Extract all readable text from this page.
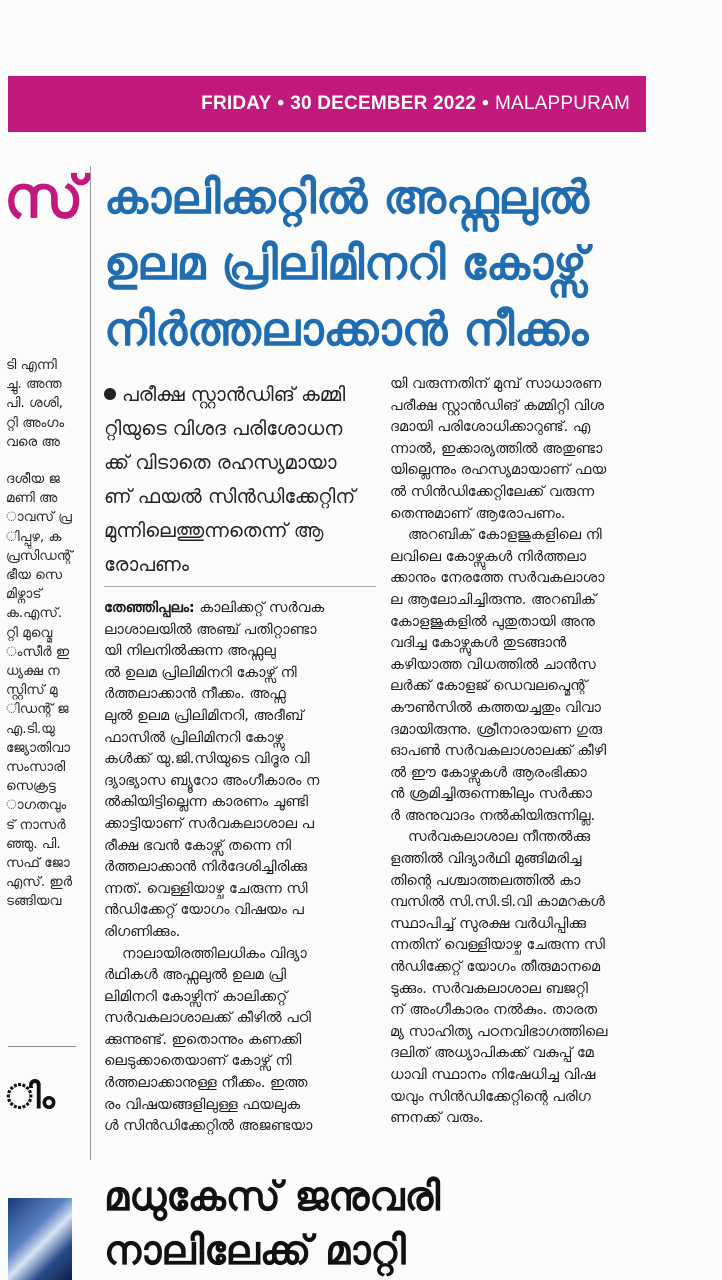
FRIDAY • 30 DECEMBER 2022 • MALAPPURAM
സ്
ടി എന്നി
ച്ചു. അന്ത
പി. ശശി,
റ്റി അംഗം
വരെ അ
ദശീയ ജ
മണി അ
ാവസ് പ്ര
ിപ്പുഴ, ക
പ്രസിഡന്റ്
ഭീയ സെ
മിഴ്നാട്
ക.എസ്.
റ്റി മുവ്മെ
ംസീർ ഇ
ധ്യക്ഷ ന
സ്റ്റിസ് മു
ിഡന്റ് ജ
എ.ടി.യു
ജ്യോതിവാ
സംസാരി
സെക്രട്ട
ാഗതവും
ട് നാസർ
ഞ്ഞു. പി.
സഫ് ജോ
എസ്. ഇർ
ടങ്ങിയവ
ിം
കാലിക്കറ്റിൽ അഫ്സലുൽ
ഉലമ പ്രിലിമിനറി കോഴ്സ്
നിർത്തലാക്കാൻ നീക്കം
പരീക്ഷ സ്റ്റാൻഡിങ് കമ്മി
റ്റിയുടെ വിശദ പരിശോധന
ക്ക് വിടാതെ രഹസ്യമായാ
ണ് ഫയൽ സിൻഡിക്കേറ്റിന്
മുന്നിലെത്തുന്നതെന്ന് ആ
രോപണം
തേഞ്ഞിപ്പലം: കാലിക്കറ്റ് സർവക
ലാശാലയിൽ അഞ്ച് പതിറ്റാണ്ടാ
യി നിലനിൽക്കുന്ന അഫ്സലു
ൽ ഉലമ പ്രിലിമിനറി കോഴ്സ് നി
ർത്തലാക്കാൻ നീക്കം. അഫ്സ
ലുൽ ഉലമ പ്രിലിമിനറി, അദീബ്
ഫാസിൽ പ്രിലിമിനറി കോഴ്സു
കൾക്ക് യു.ജി.സിയുടെ വിദൂര വി
ദ്യാഭ്യാസ ബ്യൂറോ അംഗീകാരം ന
ൽകിയിട്ടില്ലെന്ന കാരണം ചൂണ്ടി
ക്കാട്ടിയാണ് സർവകലാശാല പ
രീക്ഷ ഭവൻ കോഴ്സ് തന്നെ നി
ർത്തലാക്കാൻ നിർദേശിച്ചിരിക്കു
ന്നത്. വെള്ളിയാഴ്ച ചേരുന്ന സി
ൻഡിക്കേറ്റ് യോഗം വിഷയം പ
രിഗണിക്കും.
നാലായിരത്തിലധികം വിദ്യാ
ർഥികൾ അഫ്സലുൽ ഉലമ പ്രി
ലിമിനറി കോഴ്സിന് കാലിക്കറ്റ്
സർവകലാശാലക്ക് കീഴിൽ പഠി
ക്കുന്നുണ്ട്. ഇതൊന്നും കണക്കി
ലെടുക്കാതെയാണ് കോഴ്സ് നി
ർത്തലാക്കാനുള്ള നീക്കം. ഇത്ത
രം വിഷയങ്ങളിലുള്ള ഫയലുക
ൾ സിൻഡിക്കേറ്റിൽ അജണ്ടയാ
യി വരുന്നതിന് മുമ്പ് സാധാരണ
പരീക്ഷ സ്റ്റാൻഡിങ് കമ്മിറ്റി വിശ
ദമായി പരിശോധിക്കാറുണ്ട്. എ
ന്നാൽ, ഇക്കാര്യത്തിൽ അതുണ്ടാ
യില്ലെന്നും രഹസ്യമായാണ് ഫയ
ൽ സിൻഡിക്കേറ്റിലേക്ക് വരുന്ന
തെന്നുമാണ് ആരോപണം.
അറബിക് കോളജുകളിലെ നി
ലവിലെ കോഴ്സുകൾ നിർത്തലാ
ക്കാനും നേരത്തേ സർവകലാശാ
ല ആലോചിച്ചിരുന്നു. അറബിക്
കോളജുകളിൽ പുതുതായി അനു
വദിച്ച കോഴ്സുകൾ തുടങ്ങാൻ
കഴിയാത്ത വിധത്തിൽ ചാൻസ
ലർക്ക് കോളജ് ഡെവലപ്മെന്റ്
കൗൺസിൽ കത്തയച്ചതും വിവാ
ദമായിരുന്നു. ശ്രീനാരായണ ഗുരു
ഓപൺ സർവകലാശാലക്ക് കീഴി
ൽ ഈ കോഴ്സുകൾ ആരംഭിക്കാ
ൻ ശ്രമിച്ചിരുന്നെങ്കിലും സർക്കാ
ർ അനുവാദം നൽകിയിരുന്നില്ല.
സർവകലാശാല നീന്തൽക്കു
ളത്തിൽ വിദ്യാർഥി മുങ്ങിമരിച്ച
തിന്റെ പശ്ചാത്തലത്തിൽ കാ
മ്പസിൽ സി.സി.ടി.വി കാമറകൾ
സ്ഥാപിച്ച് സുരക്ഷ വർധിപ്പിക്കു
ന്നതിന് വെള്ളിയാഴ്ച ചേരുന്ന സി
ൻഡിക്കേറ്റ് യോഗം തീരുമാനമെ
ടുക്കും. സർവകലാശാല ബജറ്റി
ന് അംഗീകാരം നൽകും. താരത
മ്യ സാഹിത്യ പഠനവിഭാഗത്തിലെ
ദലിത് അധ്യാപികക്ക് വകുപ്പ് മേ
ധാവി സ്ഥാനം നിഷേധിച്ച വിഷ
യവും സിൻഡിക്കേറ്റിന്റെ പരിഗ
ണനക്ക് വരും.
മധുകേസ് ജനുവരി
നാലിലേക്ക് മാറ്റി
